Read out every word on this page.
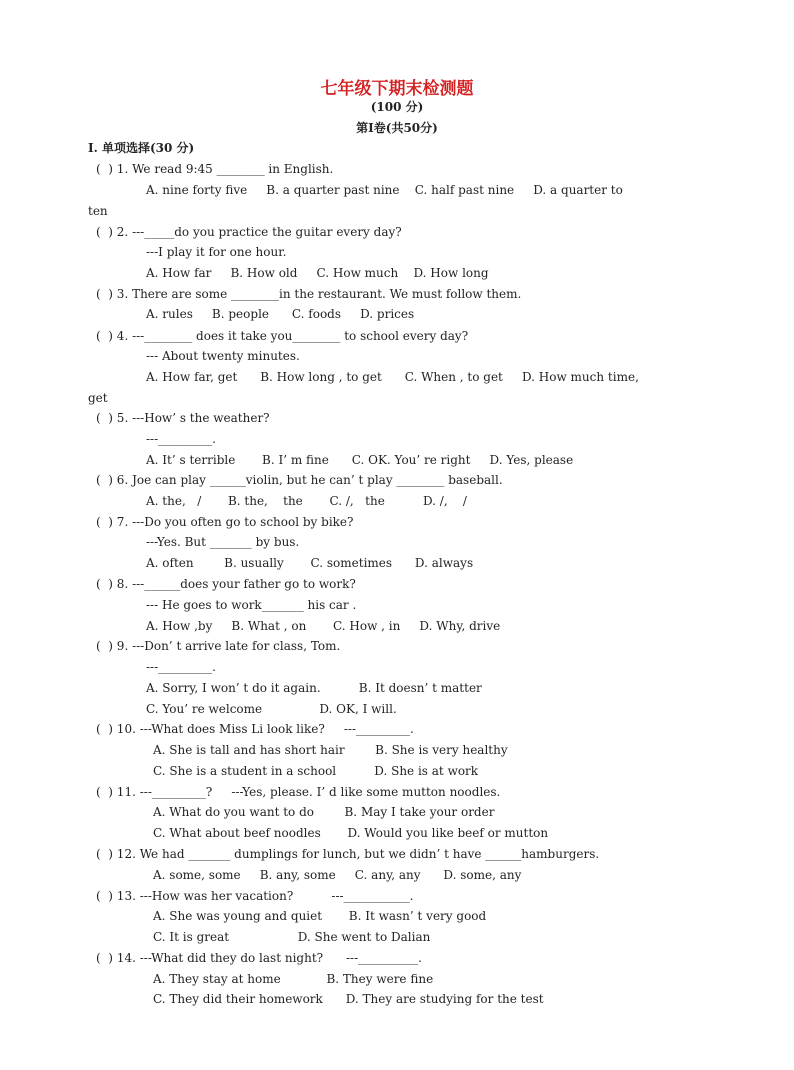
七年级下期末检测题
(100 分)
第Ⅰ卷(共50分)
Ⅰ. 单项选择(30 分)
(  ) 1. We read 9:45 ________ in English.
A. nine forty five     B. a quarter past nine    C. half past nine     D. a quarter to
ten
(  ) 2. ---_____do you practice the guitar every day?
---I play it for one hour.
A. How far     B. How old     C. How much    D. How long
(  ) 3. There are some ________in the restaurant. We must follow them.
A. rules     B. people      C. foods     D. prices
(  ) 4. ---________ does it take you________ to school every day?
--- About twenty minutes.
A. How far, get      B. How long , to get      C. When , to get     D. How much time,
get
(  ) 5. ---How’ s the weather?
---_________.
A. It’ s terrible       B. I’ m fine      C. OK. You’ re right     D. Yes, please
(  ) 6. Joe can play ______violin, but he can’ t play ________ baseball.
A. the,   /       B. the,    the       C. /,   the          D. /,    /
(  ) 7. ---Do you often go to school by bike?
---Yes. But _______ by bus.
A. often        B. usually       C. sometimes      D. always
(  ) 8. ---______does your father go to work?
--- He goes to work_______ his car .
A. How ,by     B. What , on       C. How , in     D. Why, drive
(  ) 9. ---Don’ t arrive late for class, Tom.
---_________.
A. Sorry, I won’ t do it again.          B. It doesn’ t matter
C. You’ re welcome               D. OK, I will.
(  ) 10. ---What does Miss Li look like?     ---_________.
A. She is tall and has short hair        B. She is very healthy
C. She is a student in a school          D. She is at work
(  ) 11. ---_________?     ---Yes, please. I’ d like some mutton noodles.
A. What do you want to do        B. May I take your order
C. What about beef noodles       D. Would you like beef or mutton
(  ) 12. We had _______ dumplings for lunch, but we didn’ t have ______hamburgers.
A. some, some     B. any, some     C. any, any      D. some, any
(  ) 13. ---How was her vacation?          ---___________.
A. She was young and quiet       B. It wasn’ t very good
C. It is great                  D. She went to Dalian
(  ) 14. ---What did they do last night?      ---__________.
A. They stay at home            B. They were fine
C. They did their homework      D. They are studying for the test
